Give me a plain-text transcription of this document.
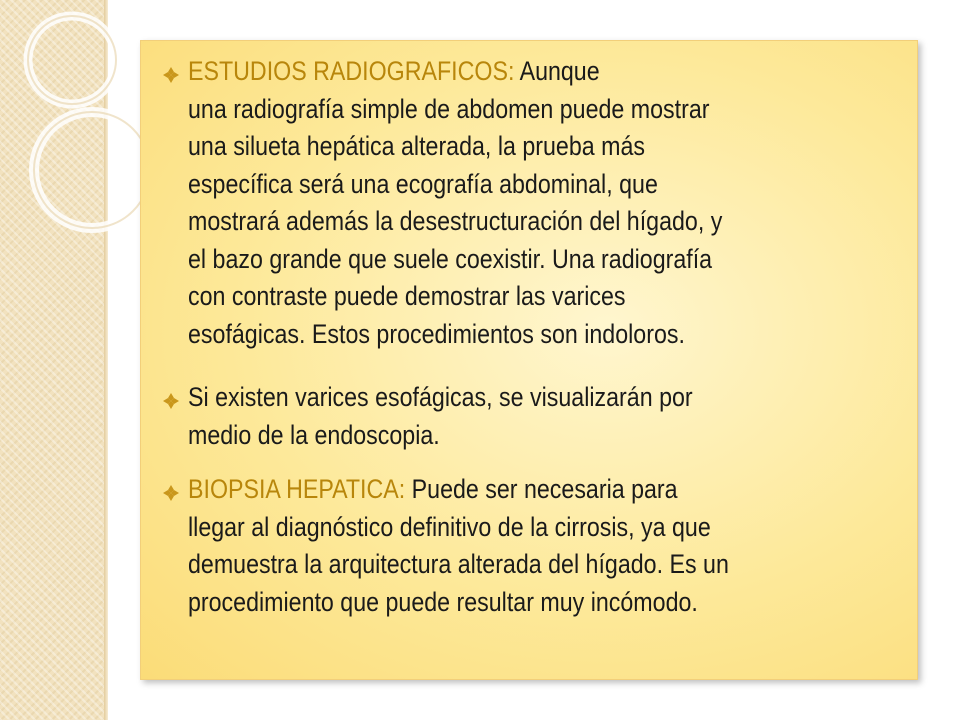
ESTUDIOS RADIOGRAFICOS: Aunque
una radiografía simple de abdomen puede mostrar
una silueta hepática alterada, la prueba más
específica será una ecografía abdominal, que
mostrará además la desestructuración del hígado, y
el bazo grande que suele coexistir. Una radiografía
con contraste puede demostrar las varices
esofágicas. Estos procedimientos son indoloros.
Si existen varices esofágicas, se visualizarán por
medio de la endoscopia.
BIOPSIA HEPATICA: Puede ser necesaria para
llegar al diagnóstico definitivo de la cirrosis, ya que
demuestra la arquitectura alterada del hígado. Es un
procedimiento que puede resultar muy incómodo.
